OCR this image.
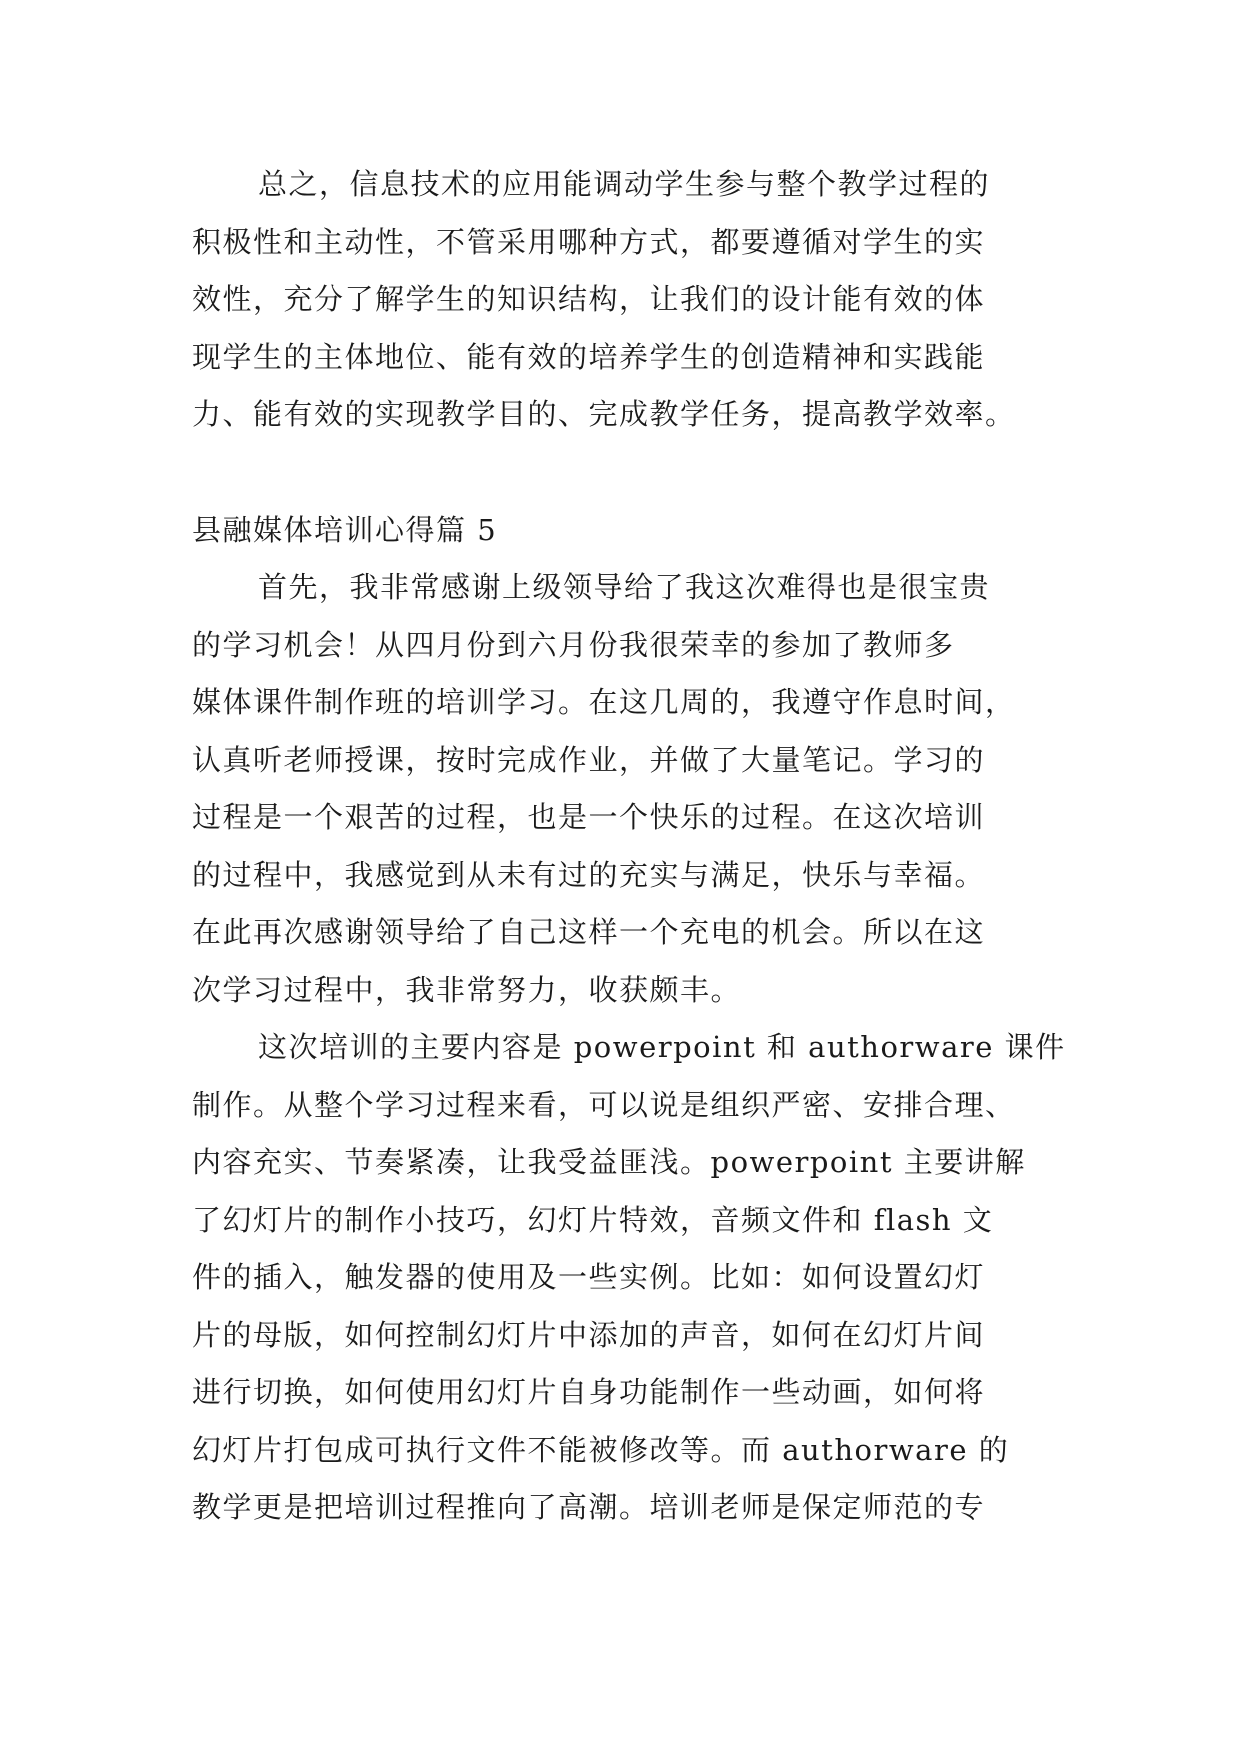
总之，信息技术的应用能调动学生参与整个教学过程的
积极性和主动性，不管采用哪种方式，都要遵循对学生的实
效性，充分了解学生的知识结构，让我们的设计能有效的体
现学生的主体地位、能有效的培养学生的创造精神和实践能
力、能有效的实现教学目的、完成教学任务，提高教学效率。
县融媒体培训心得篇 5
首先，我非常感谢上级领导给了我这次难得也是很宝贵
的学习机会！从四月份到六月份我很荣幸的参加了教师多
媒体课件制作班的培训学习。在这几周的，我遵守作息时间，
认真听老师授课，按时完成作业，并做了大量笔记。学习的
过程是一个艰苦的过程，也是一个快乐的过程。在这次培训
的过程中，我感觉到从未有过的充实与满足，快乐与幸福。
在此再次感谢领导给了自己这样一个充电的机会。所以在这
次学习过程中，我非常努力，收获颇丰。
这次培训的主要内容是 powerpoint 和 authorware 课件
制作。从整个学习过程来看，可以说是组织严密、安排合理、
内容充实、节奏紧凑，让我受益匪浅。powerpoint 主要讲解
了幻灯片的制作小技巧，幻灯片特效，音频文件和 flash 文
件的插入，触发器的使用及一些实例。比如：如何设置幻灯
片的母版，如何控制幻灯片中添加的声音，如何在幻灯片间
进行切换，如何使用幻灯片自身功能制作一些动画，如何将
幻灯片打包成可执行文件不能被修改等。而 authorware 的
教学更是把培训过程推向了高潮。培训老师是保定师范的专
